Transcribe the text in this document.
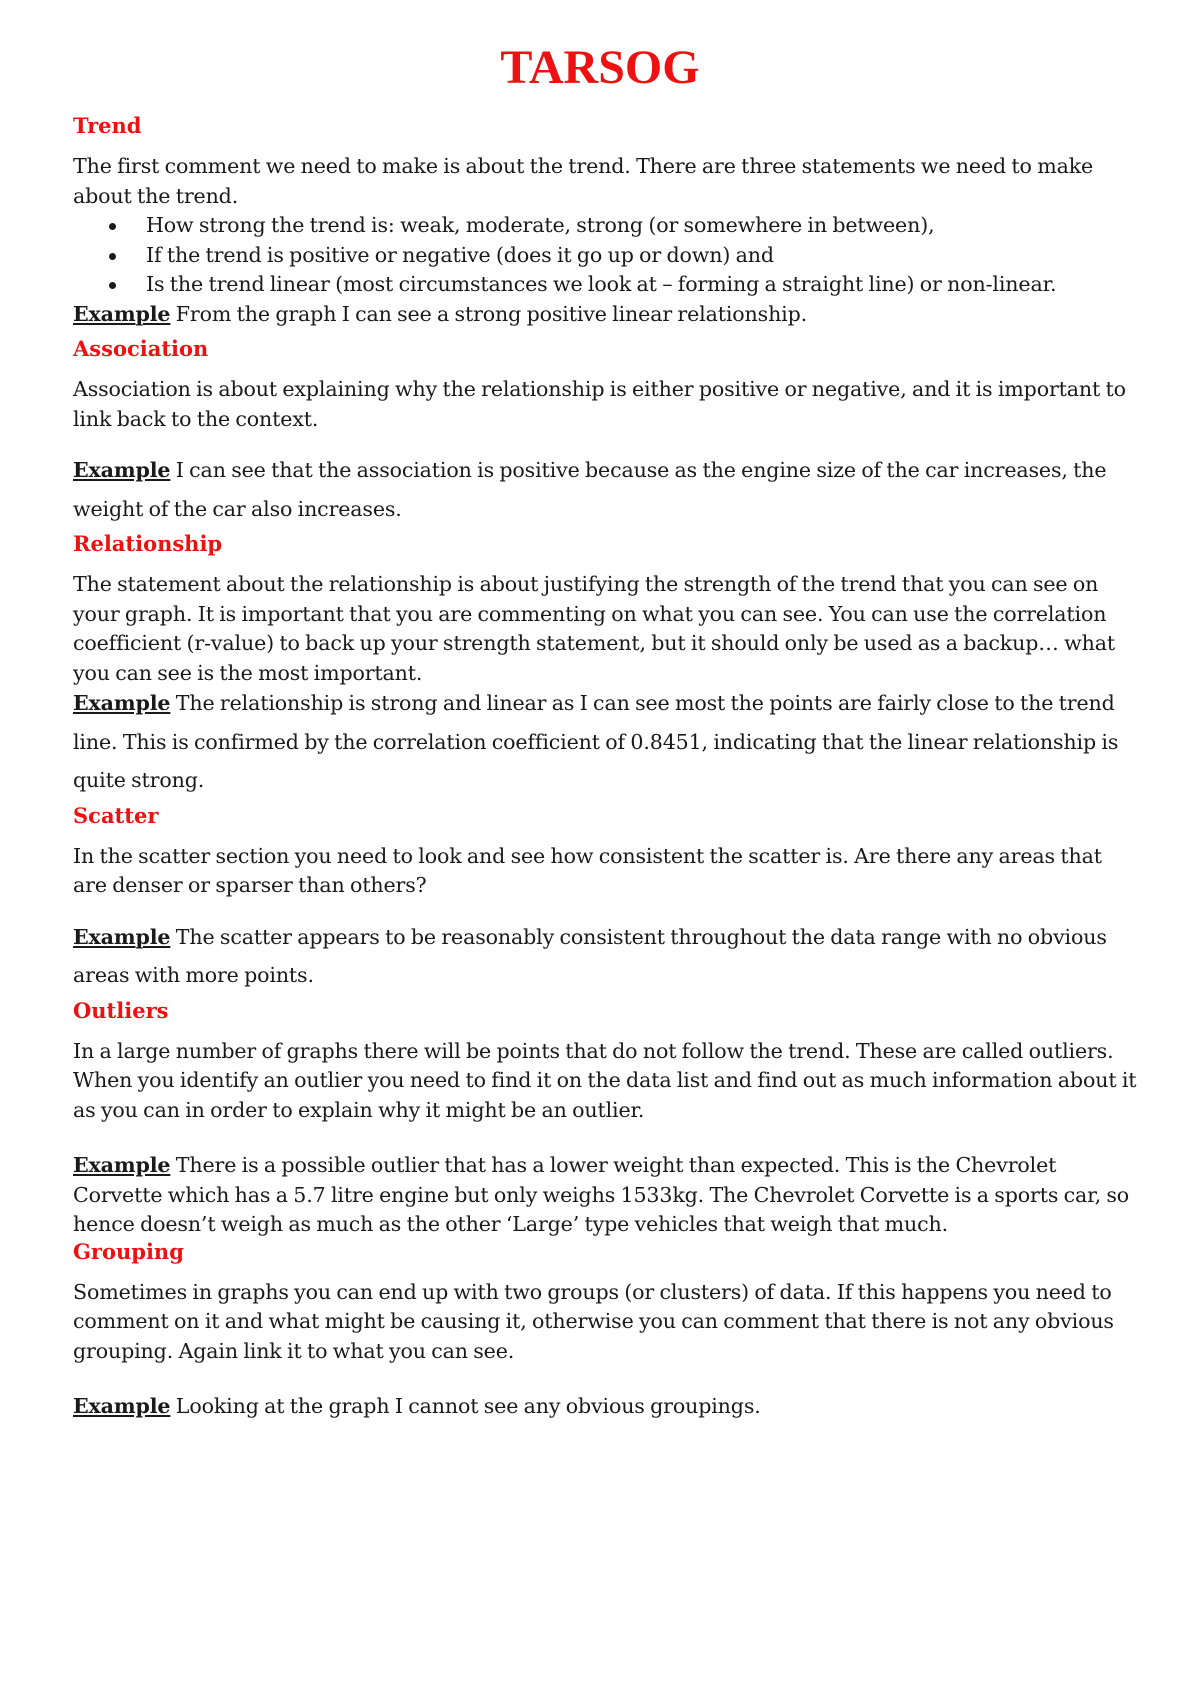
TARSOG
Trend

The first comment we need to make is about the trend. There are three statements we need to make about the trend.

How strong the trend is: weak, moderate, strong (or somewhere in between),
If the trend is positive or negative (does it go up or down) and
Is the trend linear (most circumstances we look at – forming a straight line) or non-linear.

Example From the graph I can see a strong positive linear relationship.

Association

Association is about explaining why the relationship is either positive or negative, and it is important to link back to the context.

Example I can see that the association is positive because as the engine size of the car increases, the weight of the car also increases.

Relationship

The statement about the relationship is about justifying the strength of the trend that you can see on your graph. It is important that you are commenting on what you can see. You can use the correlation coefficient (r-value) to back up your strength statement, but it should only be used as a backup… what you can see is the most important.

Example The relationship is strong and linear as I can see most the points are fairly close to the trend line. This is confirmed by the correlation coefficient of 0.8451, indicating that the linear relationship is quite strong.

Scatter

In the scatter section you need to look and see how consistent the scatter is. Are there any areas that are denser or sparser than others?

Example The scatter appears to be reasonably consistent throughout the data range with no obvious areas with more points.

Outliers

In a large number of graphs there will be points that do not follow the trend. These are called outliers. When you identify an outlier you need to find it on the data list and find out as much information about it as you can in order to explain why it might be an outlier.

Example There is a possible outlier that has a lower weight than expected. This is the Chevrolet Corvette which has a 5.7 litre engine but only weighs 1533kg. The Chevrolet Corvette is a sports car, so hence doesn’t weigh as much as the other ‘Large’ type vehicles that weigh that much.

Grouping

Sometimes in graphs you can end up with two groups (or clusters) of data. If this happens you need to comment on it and what might be causing it, otherwise you can comment that there is not any obvious grouping. Again link it to what you can see.

Example Looking at the graph I cannot see any obvious groupings.
